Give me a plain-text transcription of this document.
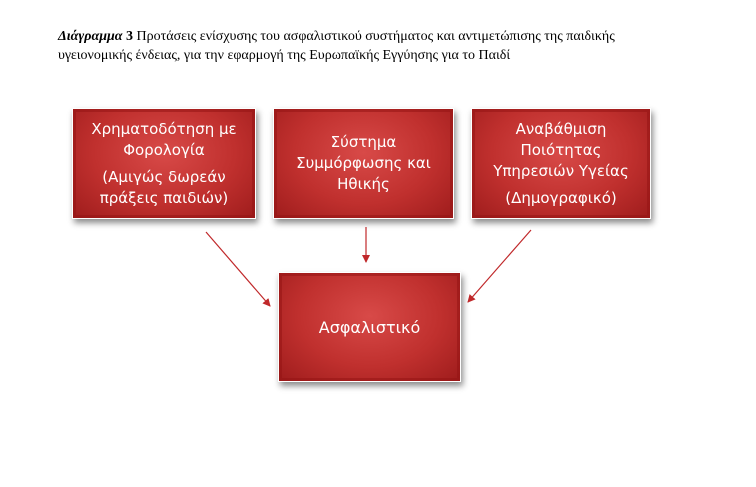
Διάγραμμα 3 Προτάσεις ενίσχυσης του ασφαλιστικού συστήματος και αντιμετώπισης της παιδικής
υγειονομικής ένδειας, για την εφαρμογή της Ευρωπαϊκής Εγγύησης για το Παιδί
Χρηματοδότηση με
Φορολογία
(Αμιγώς δωρεάν
πράξεις παιδιών)
Σύστημα
Συμμόρφωσης και
Ηθικής
Αναβάθμιση
Ποιότητας
Υπηρεσιών Υγείας
(Δημογραφικό)
Ασφαλιστικό
